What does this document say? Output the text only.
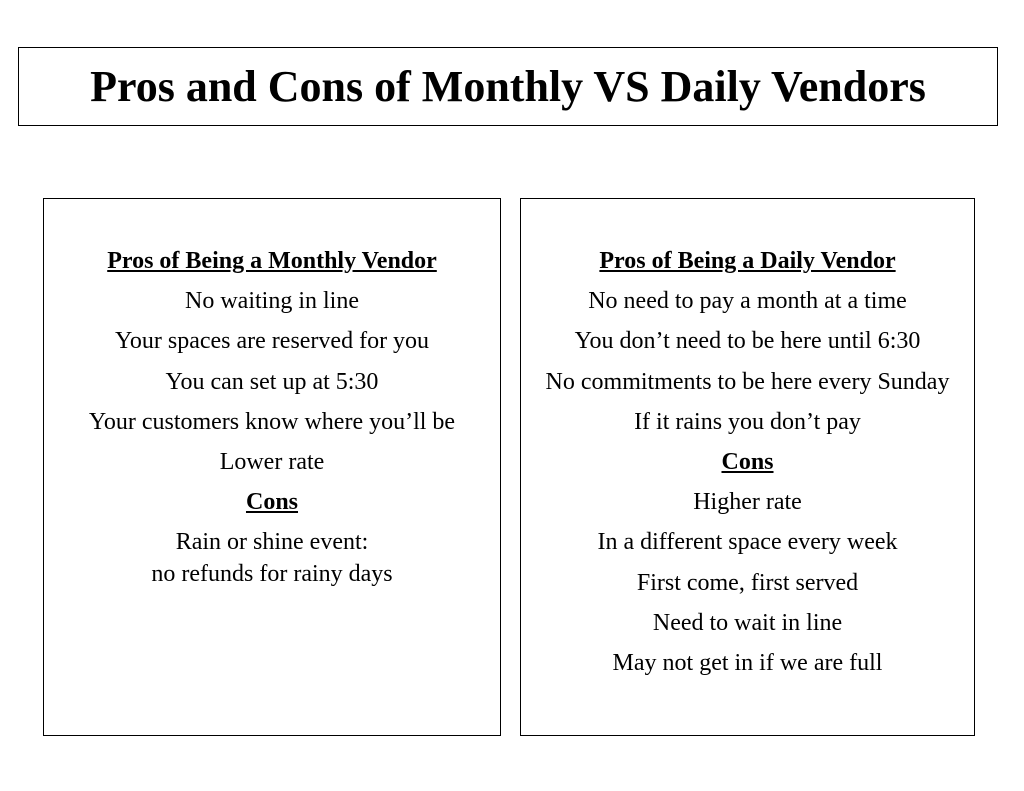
Pros and Cons of Monthly VS Daily Vendors
Pros of Being a Monthly Vendor
No waiting in line
Your spaces are reserved for you
You can set up at 5:30
Your customers know where you’ll be
Lower rate
Cons
Rain or shine event:
no refunds for rainy days
Pros of Being a Daily Vendor
No need to pay a month at a time
You don’t need to be here until 6:30
No commitments to be here every Sunday
If it rains you don’t pay
Cons
Higher rate
In a different space every week
First come, first served
Need to wait in line
May not get in if we are full
